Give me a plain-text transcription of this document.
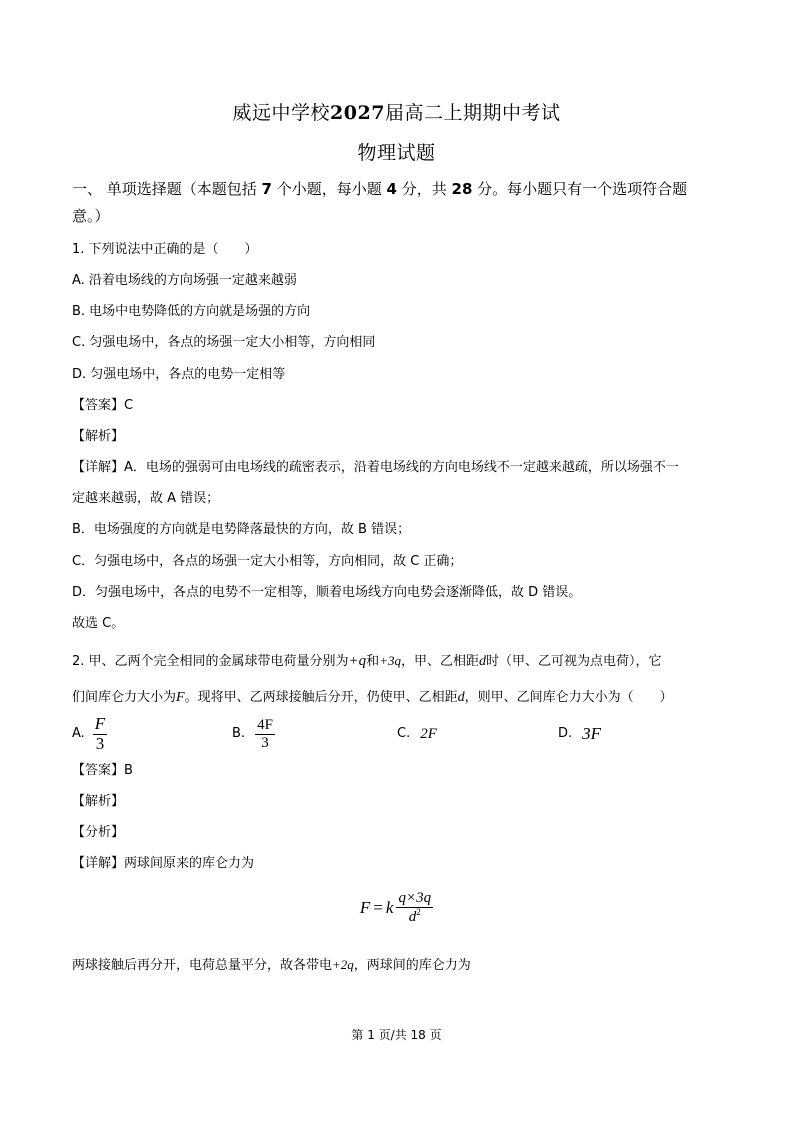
威远中学校2027届高二上期期中考试
物理试题
一、 单项选择题（本题包括 7 个小题，每小题 4 分，共 28 分。每小题只有一个选项符合题
意。）
1. 下列说法中正确的是（　　）
A. 沿着电场线的方向场强一定越来越弱
B. 电场中电势降低的方向就是场强的方向
C. 匀强电场中，各点的场强一定大小相等，方向相同
D. 匀强电场中，各点的电势一定相等
【答案】C
【解析】
【详解】A．电场的强弱可由电场线的疏密表示，沿着电场线的方向电场线不一定越来越疏，所以场强不一
定越来越弱，故 A 错误；
B．电场强度的方向就是电势降落最快的方向，故 B 错误；
C．匀强电场中，各点的场强一定大小相等，方向相同，故 C 正确；
D．匀强电场中，各点的电势不一定相等，顺着电场线方向电势会逐渐降低，故 D 错误。
故选 C。
2. 甲、乙两个完全相同的金属球带电荷量分别为+q和+3q，甲、乙相距d时（甲、乙可视为点电荷），它
们间库仑力大小为F。现将甲、乙两球接触后分开，仍使甲、乙相距d，则甲、乙间库仑力大小为（　　）
A. $\frac{F}{3}$	B. $\frac{4F}{3}$	C. 2F	D. 3F
【答案】B
【解析】
【分析】
【详解】两球间原来的库仑力为
F = k $\frac{q\times 3q}{d^2}$
两球接触后再分开，电荷总量平分，故各带电+2q，两球间的库仑力为
第 1 页/共 18 页
